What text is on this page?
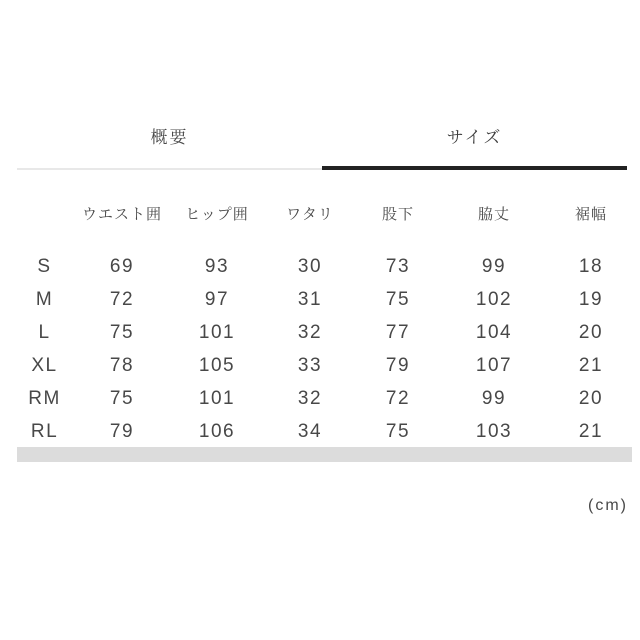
概要	サイズ
	ウエスト囲	ヒップ囲	ワタリ	股下	脇丈	裾幅
S	69	93	30	73	99	18
M	72	97	31	75	102	19
L	75	101	32	77	104	20
XL	78	105	33	79	107	21
RM	75	101	32	72	99	20
RL	79	106	34	75	103	21
(cm)
